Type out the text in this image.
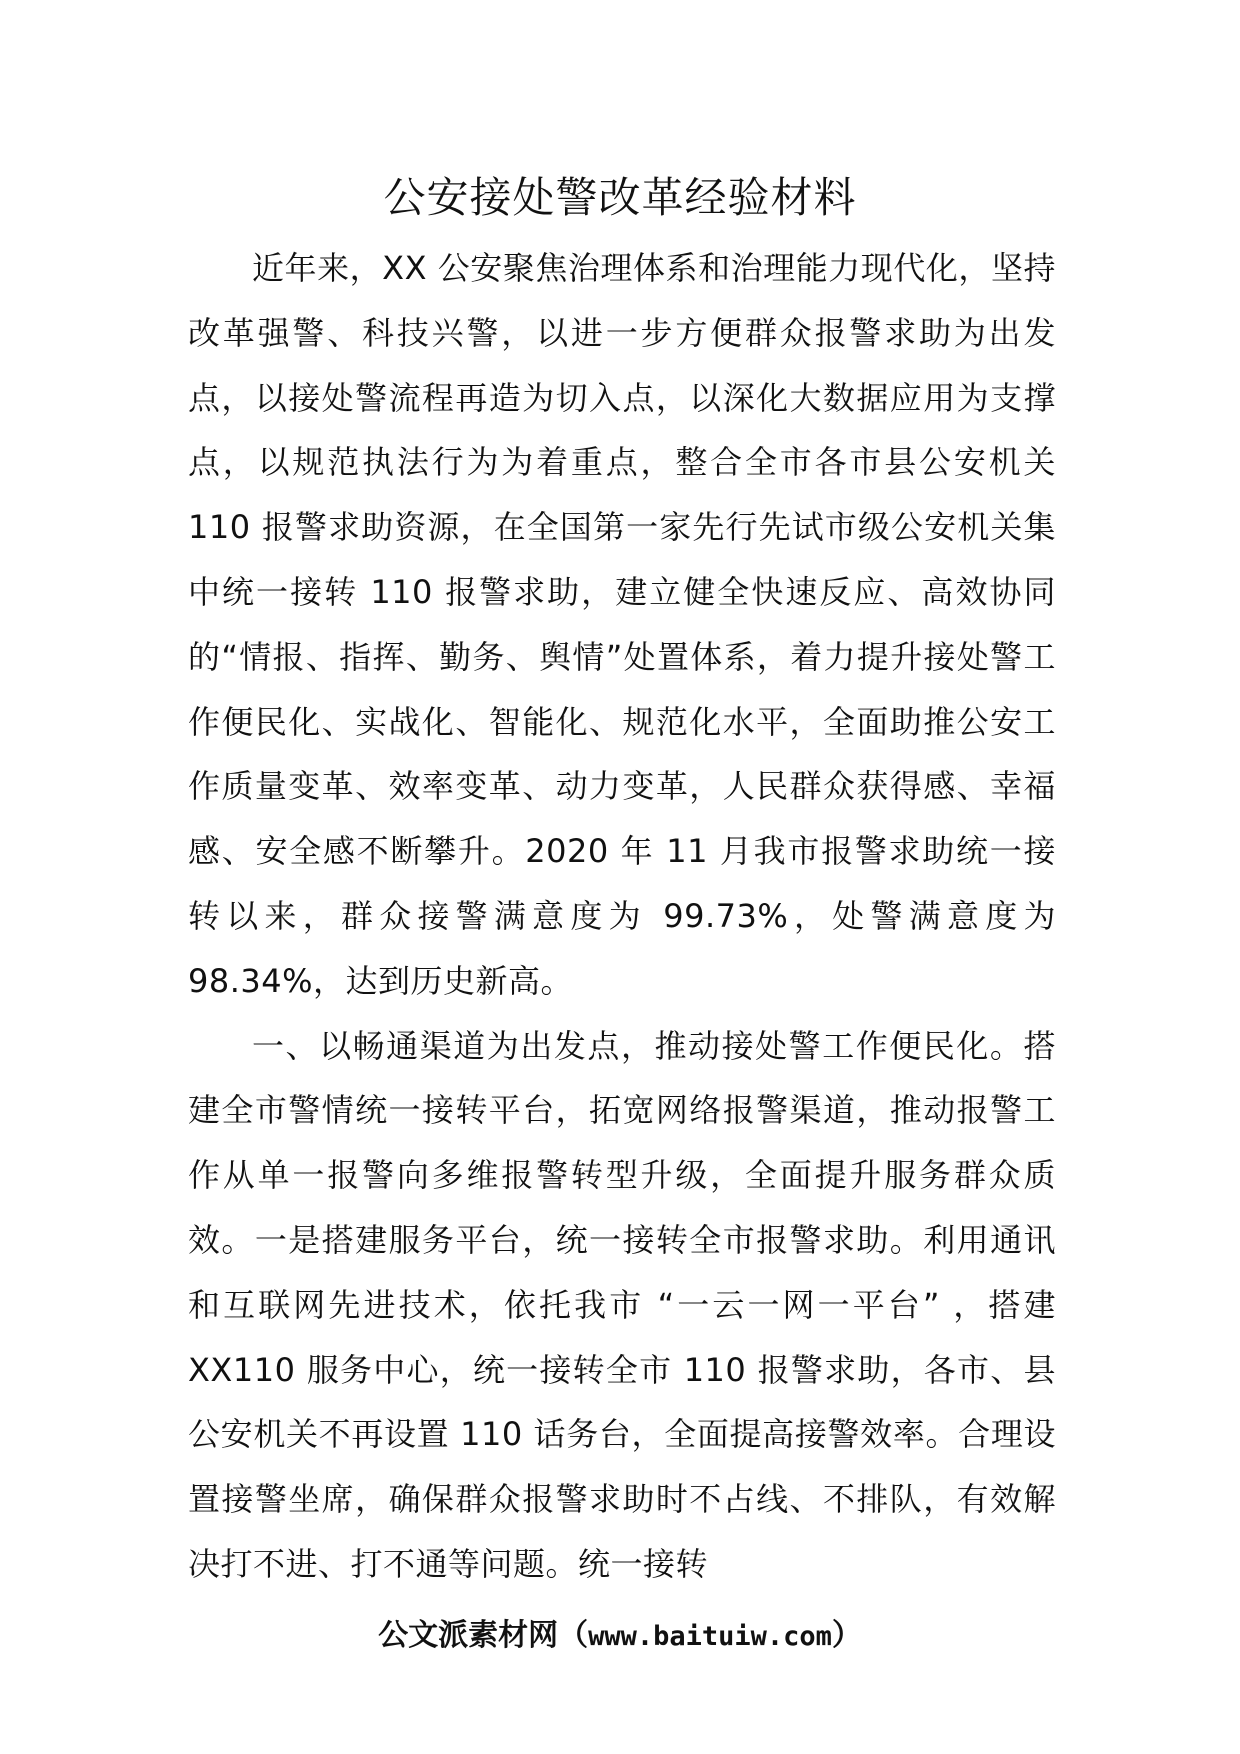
公安接处警改革经验材料

近年来，XX 公安聚焦治理体系和治理能力现代化，坚持改革强警、科技兴警，以进一步方便群众报警求助为出发点，以接处警流程再造为切入点，以深化大数据应用为支撑点，以规范执法行为为着重点，整合全市各市县公安机关 110 报警求助资源，在全国第一家先行先试市级公安机关集中统一接转 110 报警求助，建立健全快速反应、高效协同的“情报、指挥、勤务、舆情”处置体系，着力提升接处警工作便民化、实战化、智能化、规范化水平，全面助推公安工作质量变革、效率变革、动力变革，人民群众获得感、幸福感、安全感不断攀升。2020 年 11 月我市报警求助统一接转以来，群众接警满意度为 99.73%，处警满意度为 98.34%，达到历史新高。

一、以畅通渠道为出发点，推动接处警工作便民化。搭建全市警情统一接转平台，拓宽网络报警渠道，推动报警工作从单一报警向多维报警转型升级，全面提升服务群众质效。一是搭建服务平台，统一接转全市报警求助。利用通讯和互联网先进技术，依托我市 “一云一网一平台” ，搭建 XX110 服务中心，统一接转全市 110 报警求助，各市、县公安机关不再设置 110 话务台，全面提高接警效率。合理设置接警坐席，确保群众报警求助时不占线、不排队，有效解决打不进、打不通等问题。统一接转

公文派素材网（www.baituiw.com）
